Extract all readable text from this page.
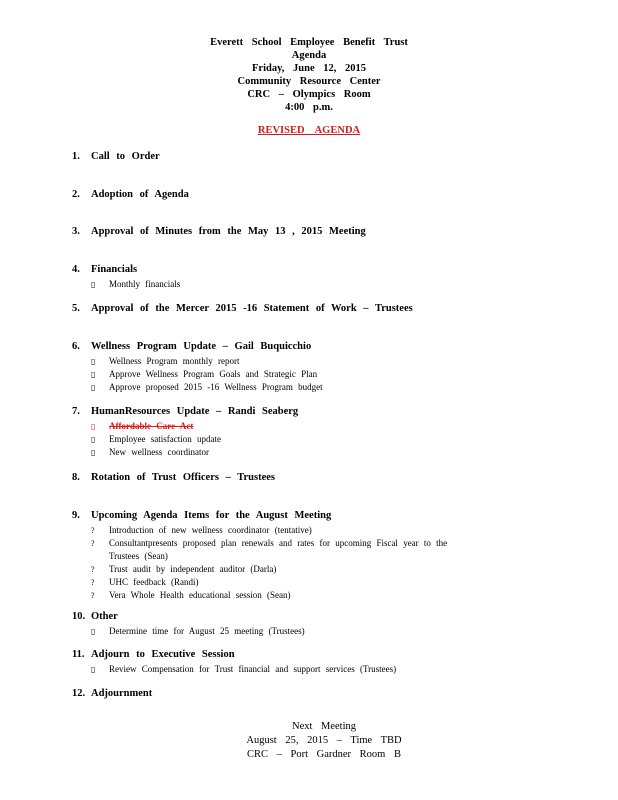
Everett School Employee Benefit Trust
Agenda
Friday, June 12, 2015
Community Resource Center
CRC – Olympics Room
4:00 p.m.
REVISED AGENDA
1. Call to Order
2. Adoption of Agenda
3. Approval of Minutes from the May 13 , 2015 Meeting
4. Financials
▯ Monthly financials
5. Approval of the Mercer 2015 -16 Statement of Work – Trustees
6. Wellness Program Update – Gail Buquicchio
▯ Wellness Program monthly report
▯ Approve Wellness Program Goals and Strategic Plan
▯ Approve proposed 2015 -16 Wellness Program budget
7. HumanResources Update – Randi Seaberg
▯ Affordable Care Act
▯ Employee satisfaction update
▯ New wellness coordinator
8. Rotation of Trust Officers – Trustees
9. Upcoming Agenda Items for the August Meeting
? Introduction of new wellness coordinator (tentative)
? Consultantpresents proposed plan renewals and rates for upcoming Fiscal year to the
Trustees (Sean)
? Trust audit by independent auditor (Darla)
? UHC feedback (Randi)
? Vera Whole Health educational session (Sean)
10. Other
▯ Determine time for August 25 meeting (Trustees)
11. Adjourn to Executive Session
▯ Review Compensation for Trust financial and support services (Trustees)
12. Adjournment
Next Meeting
August 25, 2015 – Time TBD
CRC – Port Gardner Room B
